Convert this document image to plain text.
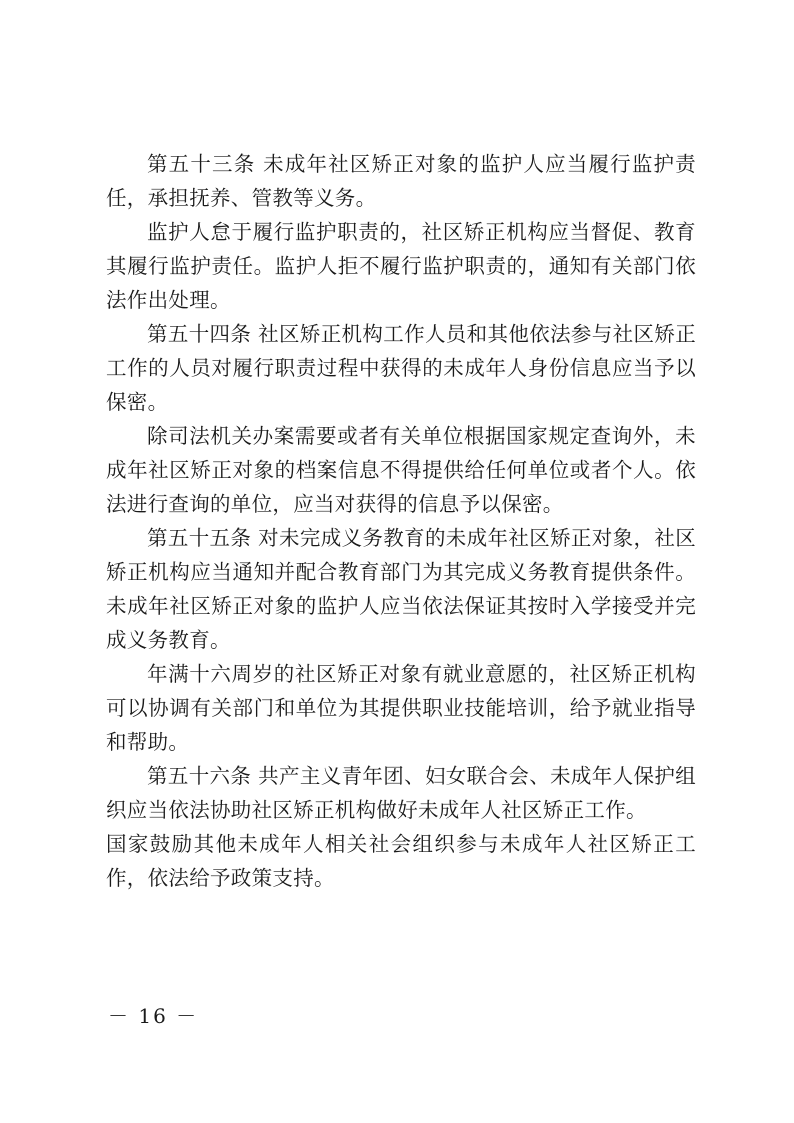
第五十三条 未成年社区矫正对象的监护人应当履行监护责任，承担抚养、管教等义务。

监护人怠于履行监护职责的，社区矫正机构应当督促、教育其履行监护责任。监护人拒不履行监护职责的，通知有关部门依法作出处理。

第五十四条 社区矫正机构工作人员和其他依法参与社区矫正工作的人员对履行职责过程中获得的未成年人身份信息应当予以保密。

除司法机关办案需要或者有关单位根据国家规定查询外，未成年社区矫正对象的档案信息不得提供给任何单位或者个人。依法进行查询的单位，应当对获得的信息予以保密。

第五十五条 对未完成义务教育的未成年社区矫正对象，社区矫正机构应当通知并配合教育部门为其完成义务教育提供条件。未成年社区矫正对象的监护人应当依法保证其按时入学接受并完成义务教育。

年满十六周岁的社区矫正对象有就业意愿的，社区矫正机构可以协调有关部门和单位为其提供职业技能培训，给予就业指导和帮助。

第五十六条 共产主义青年团、妇女联合会、未成年人保护组织应当依法协助社区矫正机构做好未成年人社区矫正工作。

国家鼓励其他未成年人相关社会组织参与未成年人社区矫正工作，依法给予政策支持。

－ 16 －
